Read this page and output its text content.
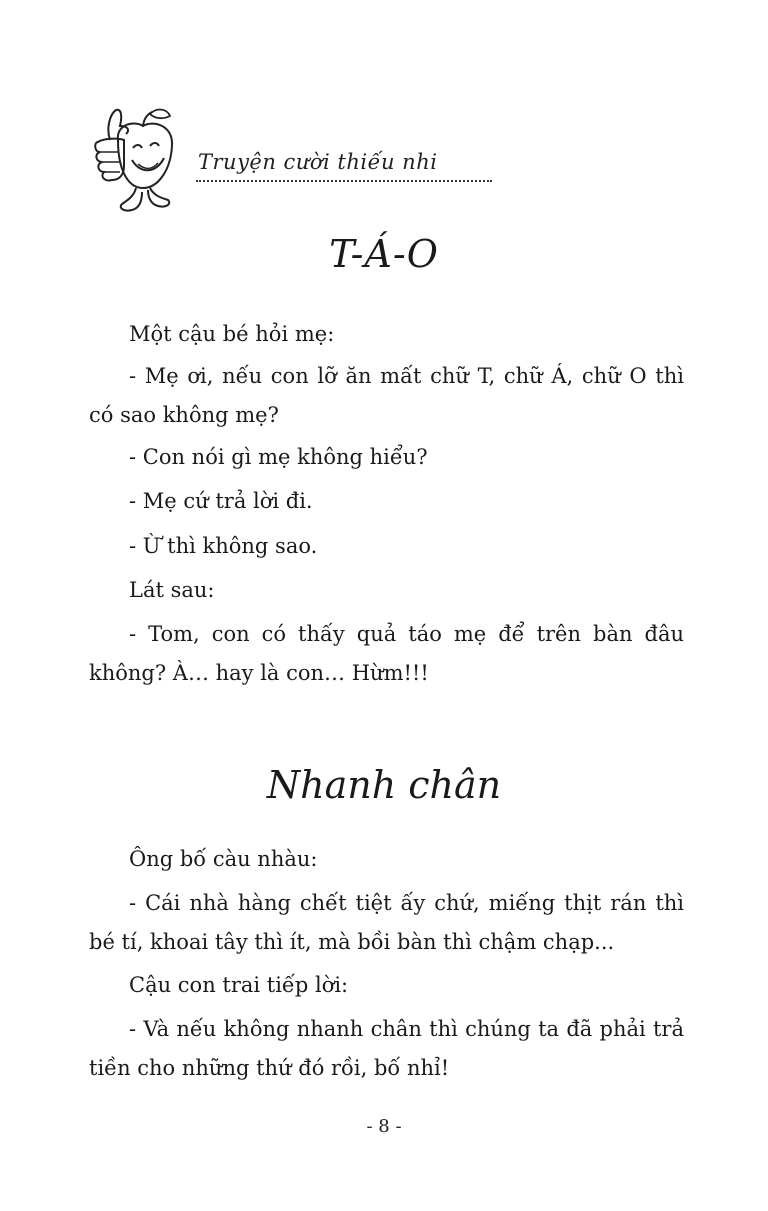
Truyện cười thiếu nhi
T-Á-O

Một cậu bé hỏi mẹ:

- Mẹ ơi, nếu con lỡ ăn mất chữ T, chữ Á, chữ O thì có sao không mẹ?

- Con nói gì mẹ không hiểu?

- Mẹ cứ trả lời đi.

- Ừ thì không sao.

Lát sau:

- Tom, con có thấy quả táo mẹ để trên bàn đâu không? À… hay là con… Hừm!!!

Nhanh chân

Ông bố càu nhàu:

- Cái nhà hàng chết tiệt ấy chứ, miếng thịt rán thì bé tí, khoai tây thì ít, mà bồi bàn thì chậm chạp...

Cậu con trai tiếp lời:

- Và nếu không nhanh chân thì chúng ta đã phải trả tiền cho những thứ đó rồi, bố nhỉ!

- 8 -
